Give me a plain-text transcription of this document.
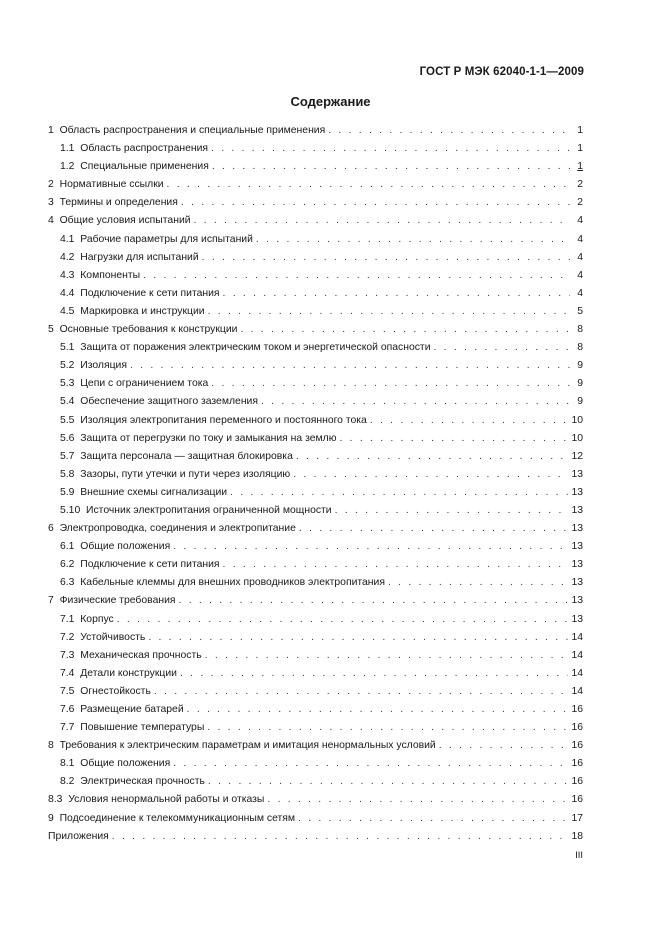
ГОСТ Р МЭК 62040-1-1—2009
Содержание
1 Область распространения и специальные применения . . .	1
1.1 Область распространения . . .	1
1.2 Специальные применения . . .	1
2 Нормативные ссылки . . .	2
3 Термины и определения . . .	2
4 Общие условия испытаний . . .	4
4.1 Рабочие параметры для испытаний . . .	4
4.2 Нагрузки для испытаний . . .	4
4.3 Компоненты . . .	4
4.4 Подключение к сети питания . . .	4
4.5 Маркировка и инструкции . . .	5
5 Основные требования к конструкции . . .	8
5.1 Защита от поражения электрическим током и энергетической опасности . . .	8
5.2 Изоляция . . .	9
5.3 Цепи с ограничением тока . . .	9
5.4 Обеспечение защитного заземления . . .	9
5.5 Изоляция электропитания переменного и постоянного тока . . .	10
5.6 Защита от перегрузки по току и замыкания на землю . . .	10
5.7 Защита персонала — защитная блокировка . . .	12
5.8 Зазоры, пути утечки и пути через изоляцию . . .	13
5.9 Внешние схемы сигнализации . . .	13
5.10 Источник электропитания ограниченной мощности . . .	13
6 Электропроводка, соединения и электропитание . . .	13
6.1 Общие положения . . .	13
6.2 Подключение к сети питания . . .	13
6.3 Кабельные клеммы для внешних проводников электропитания . . .	13
7 Физические требования . . .	13
7.1 Корпус . . .	13
7.2 Устойчивость . . .	14
7.3 Механическая прочность . . .	14
7.4 Детали конструкции . . .	14
7.5 Огнестойкость . . .	14
7.6 Размещение батарей . . .	16
7.7 Повышение температуры . . .	16
8 Требования к электрическим параметрам и имитация ненормальных условий . . .	16
8.1 Общие положения . . .	16
8.2 Электрическая прочность . . .	16
8.3 Условия ненормальной работы и отказы . . .	16
9 Подсоединение к телекоммуникационным сетям . . .	17
Приложения . . .	18
III
